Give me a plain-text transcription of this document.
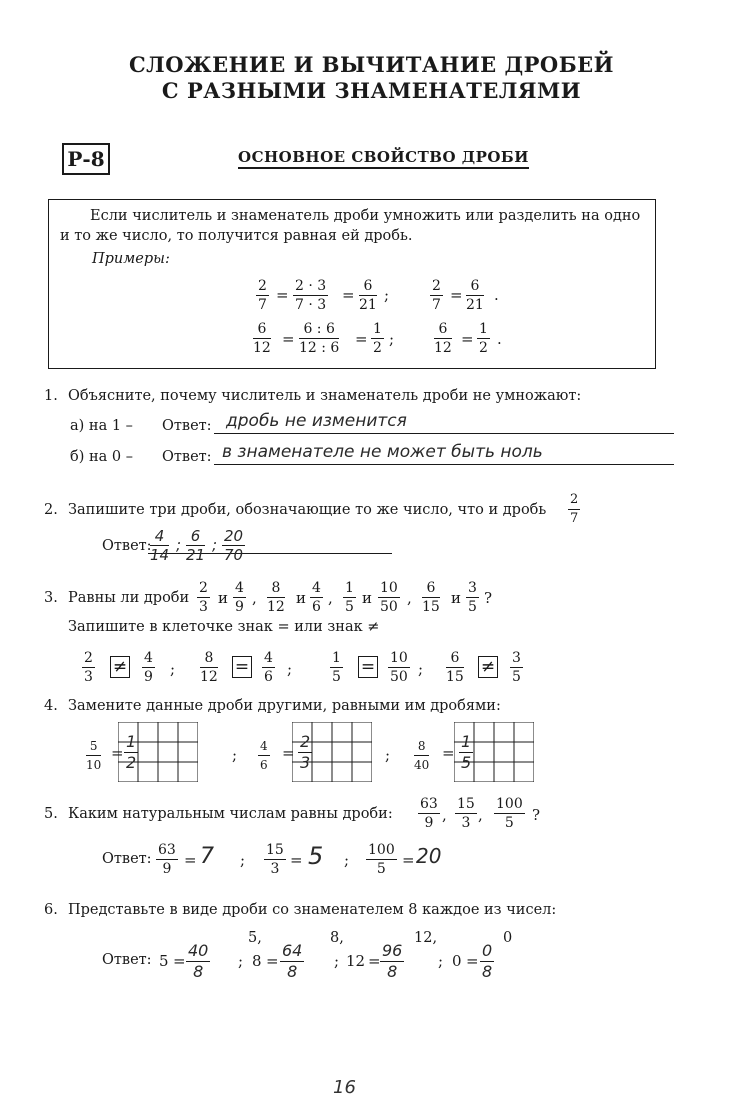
СЛОЖЕНИЕ И ВЫЧИТАНИЕ ДРОБЕЙ
С РАЗНЫМИ ЗНАМЕНАТЕЛЯМИ
Р-8	ОСНОВНОЕ СВОЙСТВО ДРОБИ
Если числитель и знаменатель дроби умножить или разделить на одно
и то же число, то получится равная ей дробь.
Примеры:
2
7
= 2 · 3
7 · 3
= 6
21
;	2
7
= 6
21
.
6
12 =
6 : 6
12 : 6 =
1
2 ;
6
12 =
1
2 .
1. Объясните, почему числитель и знаменатель дроби не умножают:
а) на 1 – Ответ: дробь не изменится
б) на 0 – Ответ: в знаменателе не может быть ноль
2. Запишите три дроби, обозначающие то же число, что и дробь
2
7
Ответ:
4
14
; 6
21
; 20
70
3. Равны ли дроби
2
3 и
4
9 ,
8
12 и
4
6 ,
1
5 и
10
50 ,
6
15 и
3
5 ?
Запишите в клеточке знак = или знак ≠
2
3 ≠ 4
9 ;
8
12 = 4
6 ;
1
5 = 10
50 ;
6
15 ≠ 3
5
4. Замените данные дроби другими, равными им дробями:
5
10
=
1
2	; 4
6
=
2
3	; 8
40
=
1
5
5. Каким натуральным числам равны дроби:
63
9 ,
15
3 ,
100
5 ?
Ответ:
63
9 = 7 ;
15
3 = 5 ;
100
5 = 20
6. Представьте в виде дроби со знаменателем 8 каждое из чисел:
5,	8,	12,	0
Ответ: 5 =
40
8
; 8 =
64
8
; 12 =
96
8
; 0 =
0
8
16
